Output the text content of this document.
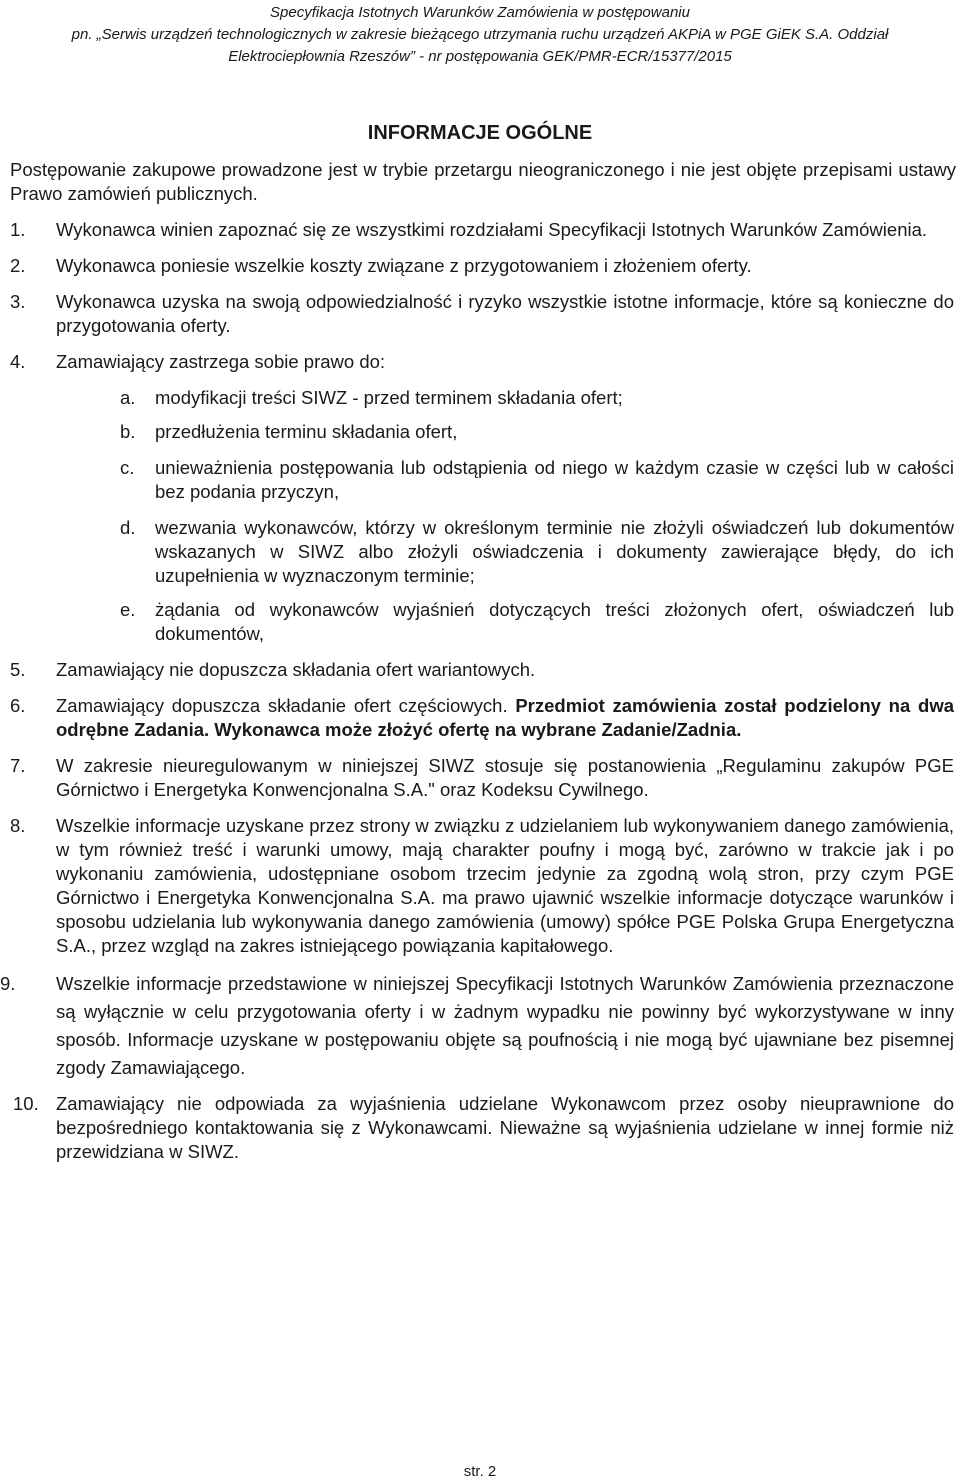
Specyfikacja Istotnych Warunków Zamówienia w postępowaniu
pn. „Serwis urządzeń technologicznych w zakresie bieżącego utrzymania ruchu urządzeń AKPiA w PGE GiEK S.A. Oddział
Elektrociepłownia Rzeszów” - nr postępowania GEK/PMR-ECR/15377/2015
INFORMACJE OGÓLNE
Postępowanie zakupowe prowadzone jest w trybie przetargu nieograniczonego i nie jest objęte przepisami ustawy Prawo zamówień publicznych.
1. Wykonawca winien zapoznać się ze wszystkimi rozdziałami Specyfikacji Istotnych Warunków Zamówienia.
2. Wykonawca poniesie wszelkie koszty związane z przygotowaniem i złożeniem oferty.
3. Wykonawca uzyska na swoją odpowiedzialność i ryzyko wszystkie istotne informacje, które są konieczne do przygotowania oferty.
4. Zamawiający zastrzega sobie prawo do:
a. modyfikacji treści SIWZ - przed terminem składania ofert;
b. przedłużenia terminu składania ofert,
c. unieważnienia postępowania lub odstąpienia od niego w każdym czasie w części lub w całości bez podania przyczyn,
d. wezwania wykonawców, którzy w określonym terminie nie złożyli oświadczeń lub dokumentów wskazanych w SIWZ albo złożyli oświadczenia i dokumenty zawierające błędy, do ich uzupełnienia w wyznaczonym terminie;
e. żądania od wykonawców wyjaśnień dotyczących treści złożonych ofert, oświadczeń lub dokumentów,
5. Zamawiający nie dopuszcza składania ofert wariantowych.
6. Zamawiający dopuszcza składanie ofert częściowych. Przedmiot zamówienia został podzielony na dwa odrębne Zadania. Wykonawca może złożyć ofertę na wybrane Zadanie/Zadnia.
7. W zakresie nieuregulowanym w niniejszej SIWZ stosuje się postanowienia „Regulaminu zakupów PGE Górnictwo i Energetyka Konwencjonalna S.A." oraz Kodeksu Cywilnego.
8. Wszelkie informacje uzyskane przez strony w związku z udzielaniem lub wykonywaniem danego zamówienia, w tym również treść i warunki umowy, mają charakter poufny i mogą być, zarówno w trakcie jak i po wykonaniu zamówienia, udostępniane osobom trzecim jedynie za zgodną wolą stron, przy czym PGE Górnictwo i Energetyka Konwencjonalna S.A. ma prawo ujawnić wszelkie informacje dotyczące warunków i sposobu udzielania lub wykonywania danego zamówienia (umowy) spółce PGE Polska Grupa Energetyczna S.A., przez wzgląd na zakres istniejącego powiązania kapitałowego.
9. Wszelkie informacje przedstawione w niniejszej Specyfikacji Istotnych Warunków Zamówienia przeznaczone są wyłącznie w celu przygotowania oferty i w żadnym wypadku nie powinny być wykorzystywane w inny sposób. Informacje uzyskane w postępowaniu objęte są poufnością i nie mogą być ujawniane bez pisemnej zgody Zamawiającego.
10. Zamawiający nie odpowiada za wyjaśnienia udzielane Wykonawcom przez osoby nieuprawnione do bezpośredniego kontaktowania się z Wykonawcami. Nieważne są wyjaśnienia udzielane w innej formie niż przewidziana w SIWZ.
str. 2
